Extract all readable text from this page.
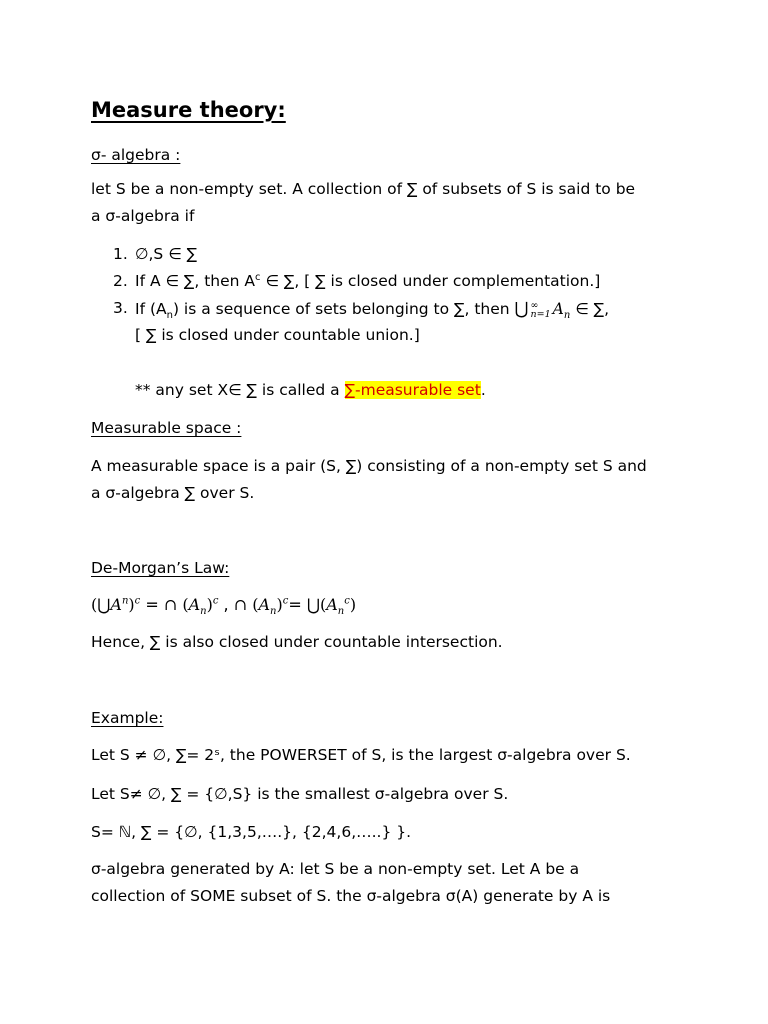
Measure theory:
σ- algebra :
let S be a non-empty set. A collection of ∑ of subsets of S is said to be
a σ-algebra if
1. ∅,S ∈ ∑
2. If A ∈ ∑, then $A^c$ ∈ ∑, [ ∑ is closed under complementation.]
3. If $(A_n)$ is a sequence of sets belonging to ∑, then ⋃ ∞
n=1 $A_n$ ∈ ∑,
[ ∑ is closed under countable union.]
** any set X∈ ∑ is called a ∑-measurable set.
Measurable space :
A measurable space is a pair (S, ∑) consisting of a non-empty set S and
a σ-algebra ∑ over S.
De-Morgan’s Law:
$(⋃A^n)^c$ = ∩ $(A_n)^c$ , ∩ $(A_n)^c=$ $⋃(A_n^c)$
Hence, ∑ is also closed under countable intersection.
Example:
Let S ≠ ∅, ∑= 2ˢ, the POWERSET of S, is the largest σ-algebra over S.
Let S≠ ∅, ∑ = {∅,S} is the smallest σ-algebra over S.
S= ℕ, ∑ = {∅, {1,3,5,….}, {2,4,6,…..} }.
σ-algebra generated by A: let S be a non-empty set. Let A be a
collection of SOME subset of S. the σ-algebra σ(A) generate by A is
